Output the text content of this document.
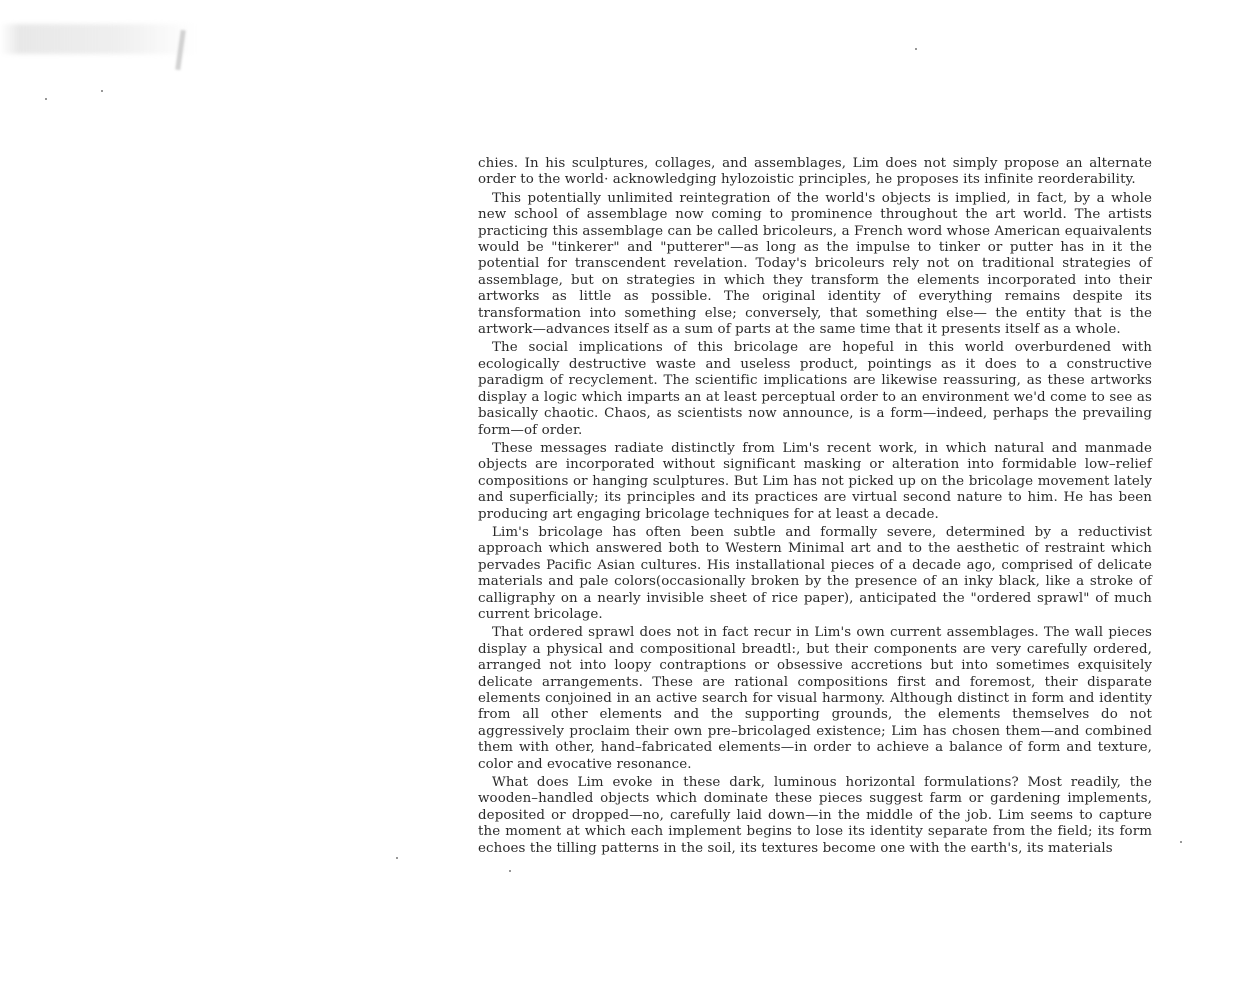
chies. In his sculptures, collages, and assemblages, Lim does not simply propose an alternate order to the world· acknowledging hylozoistic principles, he proposes its infinite reorderability.

This potentially unlimited reintegration of the world's objects is implied, in fact, by a whole new school of assemblage now coming to prominence throughout the art world. The artists practicing this assemblage can be called bricoleurs, a French word whose American equaivalents would be "tinkerer" and "putterer"—as long as the impulse to tinker or putter has in it the potential for transcendent revelation. Today's bricoleurs rely not on traditional strategies of assemblage, but on strategies in which they transform the elements incorporated into their artworks as little as possible. The original identity of everything remains despite its transformation into something else; conversely, that something else— the entity that is the artwork—advances itself as a sum of parts at the same time that it presents itself as a whole.

The social implications of this bricolage are hopeful in this world overburdened with ecologically destructive waste and useless product, pointings as it does to a constructive paradigm of recyclement. The scientific implications are likewise reassuring, as these artworks display a logic which imparts an at least perceptual order to an environment we'd come to see as basically chaotic. Chaos, as scientists now announce, is a form—indeed, perhaps the prevailing form—of order.

These messages radiate distinctly from Lim's recent work, in which natural and manmade objects are incorporated without significant masking or alteration into formidable low–relief compositions or hanging sculptures. But Lim has not picked up on the bricolage movement lately and superficially; its principles and its practices are virtual second nature to him. He has been producing art engaging bricolage techniques for at least a decade.

Lim's bricolage has often been subtle and formally severe, determined by a reductivist approach which answered both to Western Minimal art and to the aesthetic of restraint which pervades Pacific Asian cultures. His installational pieces of a decade ago, comprised of delicate materials and pale colors(occasionally broken by the presence of an inky black, like a stroke of calligraphy on a nearly invisible sheet of rice paper), anticipated the "ordered sprawl" of much current bricolage.

That ordered sprawl does not in fact recur in Lim's own current assemblages. The wall pieces display a physical and compositional breadtl:, but their components are very carefully ordered, arranged not into loopy contraptions or obsessive accretions but into sometimes exquisitely delicate arrangements. These are rational compositions first and foremost, their disparate elements conjoined in an active search for visual harmony. Although distinct in form and identity from all other elements and the supporting grounds, the elements themselves do not aggressively proclaim their own pre–bricolaged existence; Lim has chosen them—and combined them with other, hand–fabricated elements—in order to achieve a balance of form and texture, color and evocative resonance.

What does Lim evoke in these dark, luminous horizontal formulations? Most readily, the wooden–handled objects which dominate these pieces suggest farm or gardening implements, deposited or dropped—no, carefully laid down—in the middle of the job. Lim seems to capture the moment at which each implement begins to lose its identity separate from the field; its form echoes the tilling patterns in the soil, its textures become one with the earth's, its materials
